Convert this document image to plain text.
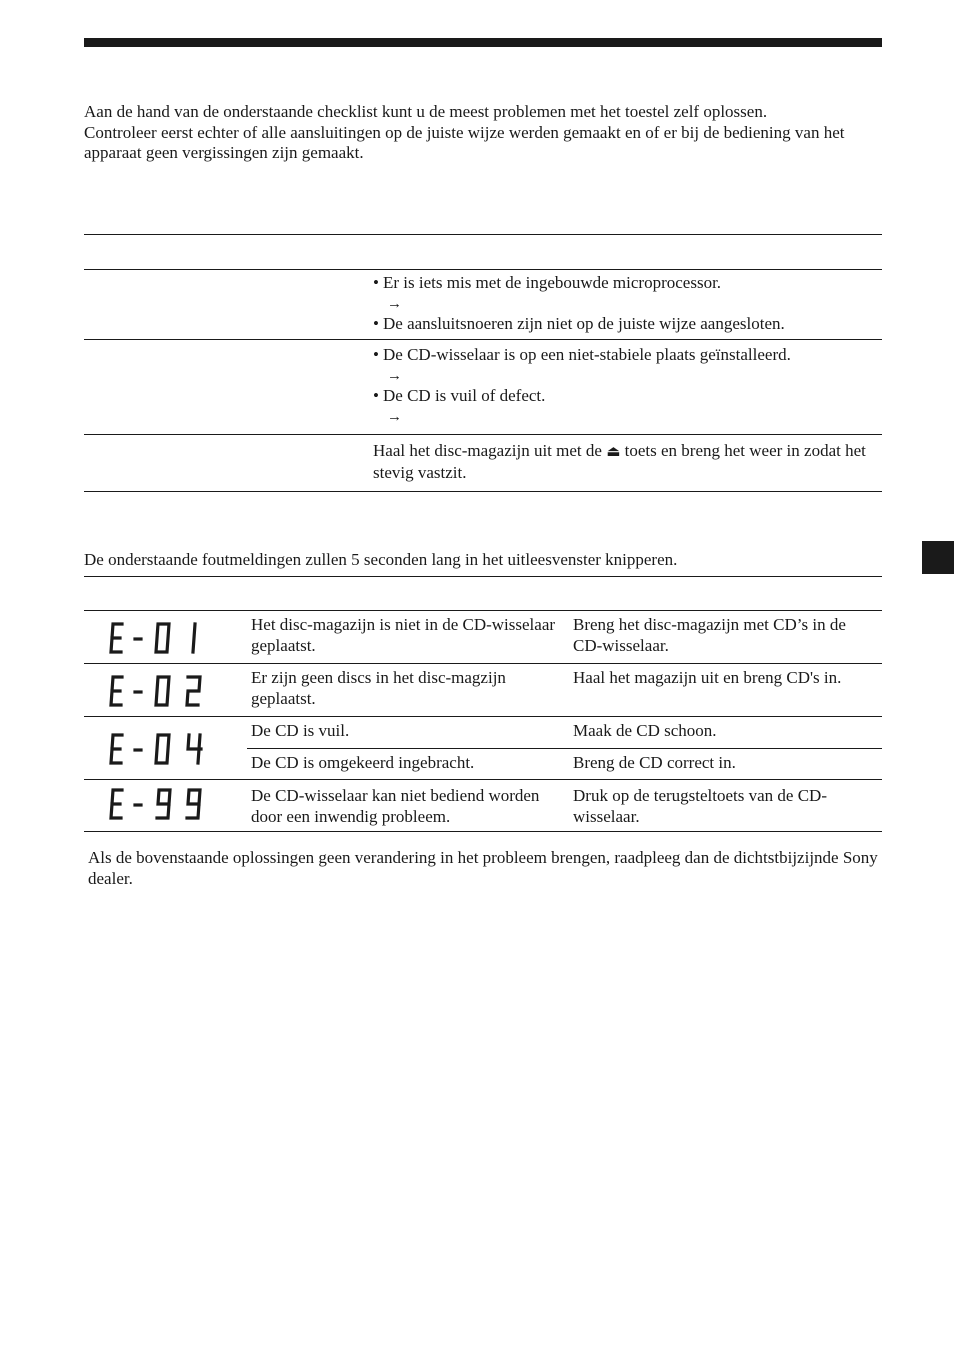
Aan de hand van de onderstaande checklist kunt u de meest problemen met het toestel zelf oplossen.

Controleer eerst echter of alle aansluitingen op de juiste wijze werden gemaakt en of er bij de bediening van het apparaat geen vergissingen zijn gemaakt.

• Er is iets mis met de ingebouwde microprocessor.
→
• De aansluitsnoeren zijn niet op de juiste wijze aangesloten.
• De CD-wisselaar is op een niet-stabiele plaats geïnstalleerd.
→
• De CD is vuil of defect.
→
Haal het disc-magazijn uit met de ⏏ toets en breng het weer in zodat het stevig vastzit.
De onderstaande foutmeldingen zullen 5 seconden lang in het uitleesvenster knipperen.
Het disc-magazijn is niet in de CD-wisselaar geplaatst.
Breng het disc-magazijn met CD’s in de CD-wisselaar.
Er zijn geen discs in het disc-magzijn geplaatst.
Haal het magazijn uit en breng CD's in.
De CD is vuil.	Maak de CD schoon.
De CD is omgekeerd ingebracht.	Breng de CD correct in.
De CD-wisselaar kan niet bediend worden door een inwendig probleem.
Druk op de terugsteltoets van de CD-wisselaar.
Als de bovenstaande oplossingen geen verandering in het probleem brengen, raadpleeg dan de dichtstbijzijnde Sony dealer.
